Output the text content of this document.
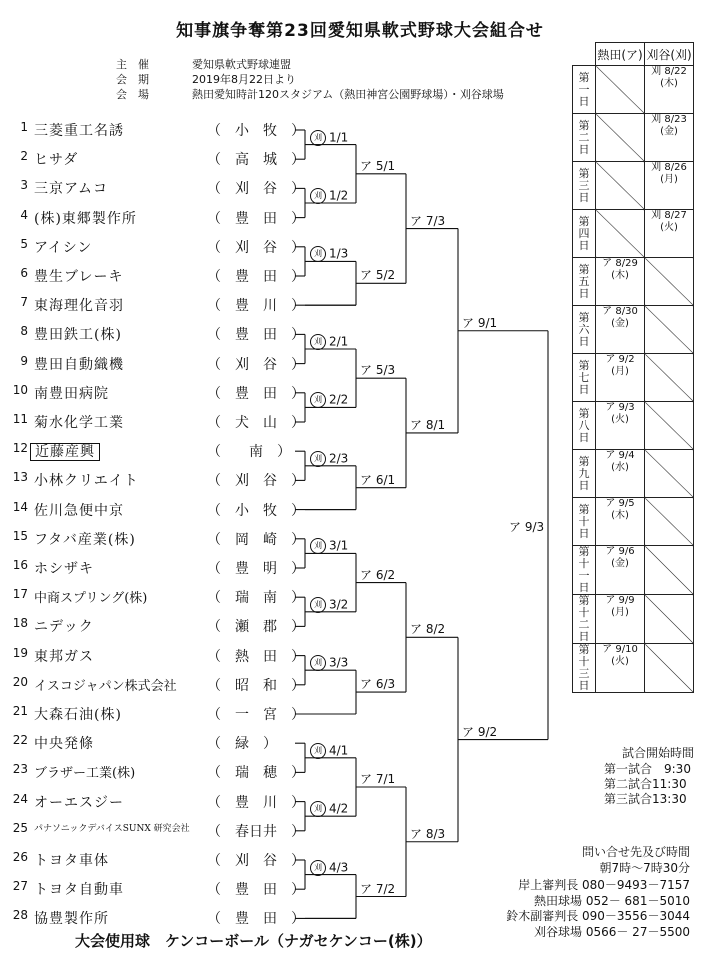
知事旗争奪第23回愛知県軟式野球大会組合せ
主　催	愛知県軟式野球連盟
会　期	2019年8月22日より
会　場	熱田愛知時計120スタジアム（熱田神宮公園野球場）・刈谷球場
1 三菱重工名誘	（　小　牧　）
2 ヒサダ	（　高　城　）
3 三京アムコ	（　刈　谷　）
4 (株)東郷製作所	（　豊　田　）
5 アイシン	（　刈　谷　）
6 豊生ブレーキ	（　豊　田　）
7 東海理化音羽	（　豊　川　）
8 豊田鉄工(株)	（　豊　田　）
9 豊田自動織機	（　刈　谷　）
10 南豊田病院	（　豊　田　）
11 菊水化学工業	（　犬　山　）
12 近藤産興	（　　南　）
13 小林クリエイト	（　刈　谷　）
14 佐川急便中京	（　小　牧　）
15 フタバ産業(株)	（　岡　崎　）
16 ホシザキ	（　豊　明　）
17 中商スプリング(株)	（　瑞　南　）
18 ニデック	（　瀬　郡　）
19 東邦ガス	（　熱　田　）
20 イスコジャパン株式会社	（　昭　和　）
21 大森石油(株)	（　一　宮　）
22 中央発條	（　緑　）
23 ブラザー工業(株)	（　瑞　穂　）
24 オーエスジー	（　豊　川　）
25 パナソニックデバイスSUNX 研究会社	（　春日井　）
26 トヨタ車体	（　刈　谷　）
27 トヨタ自動車	（　豊　田　）
28 協豊製作所	（　豊　田　）
刈 1/1
刈 1/2
刈 1/3
ア 5/1
ア 5/2
ア 7/3
刈 2/1
刈 2/2
刈 2/3
ア 5/3
ア 6/1
ア 8/1
刈 3/1
刈 3/2
刈 3/3
ア 6/2
ア 6/3
ア 8/2
刈 4/1
刈 4/2
刈 4/3
ア 7/1
ア 7/2
ア 8/3
ア 9/1
ア 9/2
ア 9/3
	熱田(ア)	刈谷(刈)
第一日		刈 8/22 (木)
第二日		刈 8/23 (金)
第三日		刈 8/26 (月)
第四日		刈 8/27 (火)
第五日	ア 8/29 (木)	
第六日	ア 8/30 (金)	
第七日	ア 9/2 (月)	
第八日	ア 9/3 (火)	
第九日	ア 9/4 (水)	
第十日	ア 9/5 (木)	
第十一日	ア 9/6 (金)	
第十二日	ア 9/9 (月)	
第十三日	ア 9/10 (火)	
試合開始時間
第一試合　9:30
第二試合11:30
第三試合13:30
問い合せ先及び時間
朝7時～7時30分
岸上審判長 080－9493－7157
熱田球場 052－ 681－5010
鈴木副審判長 090－3556－3044
刈谷球場 0566－ 27－5500
大会使用球　ケンコーボール（ナガセケンコー(株)）
